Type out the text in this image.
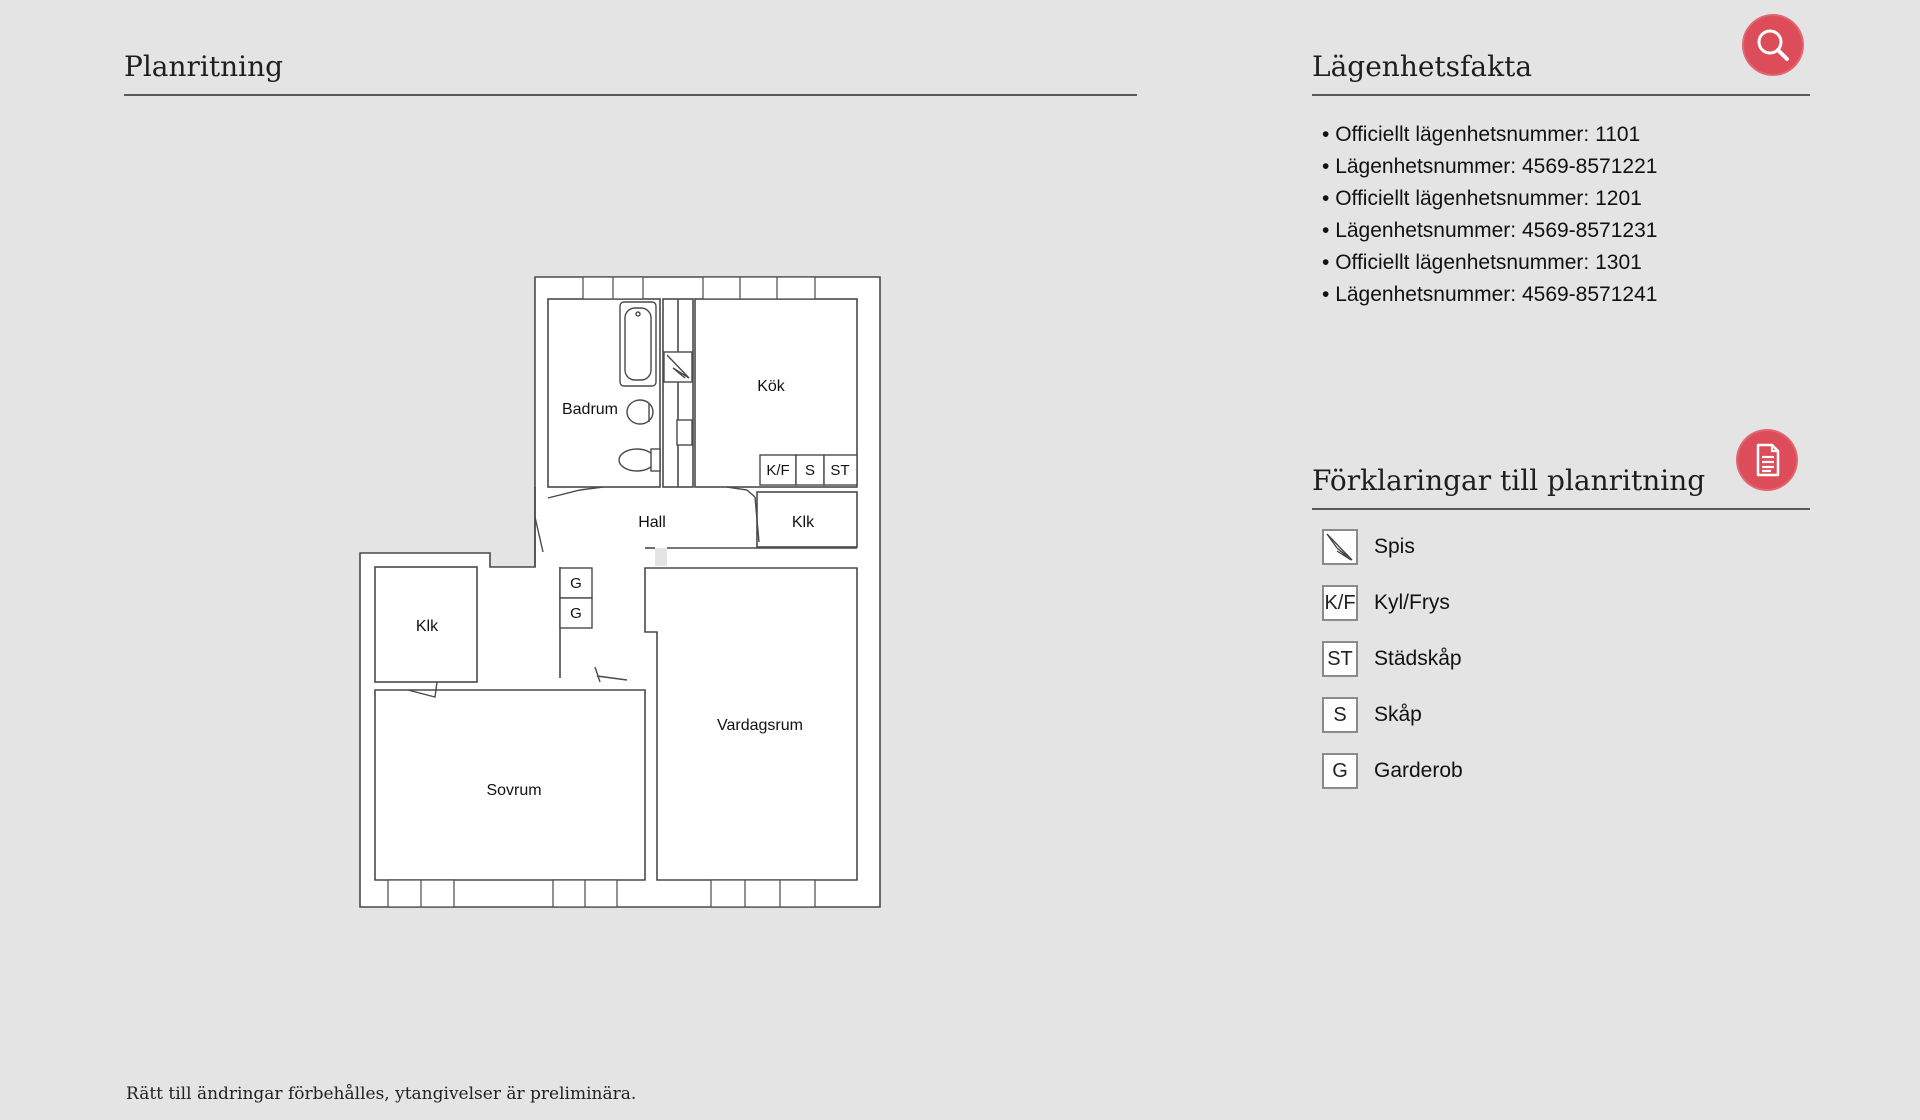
Planritning
Badrum
Kök
Hall	Klk
Klk
Sovrum
Vardagsrum
K/F S ST
G
G
Lägenhetsfakta
• Officiellt lägenhetsnummer: 1101
• Lägenhetsnummer: 4569-8571221
• Officiellt lägenhetsnummer: 1201
• Lägenhetsnummer: 4569-8571231
• Officiellt lägenhetsnummer: 1301
• Lägenhetsnummer: 4569-8571241
Förklaringar till planritning
Spis
K/F Kyl/Frys
ST Städskåp
S	Skåp
G	Garderob
Rätt till ändringar förbehålles, ytangivelser är preliminära.
